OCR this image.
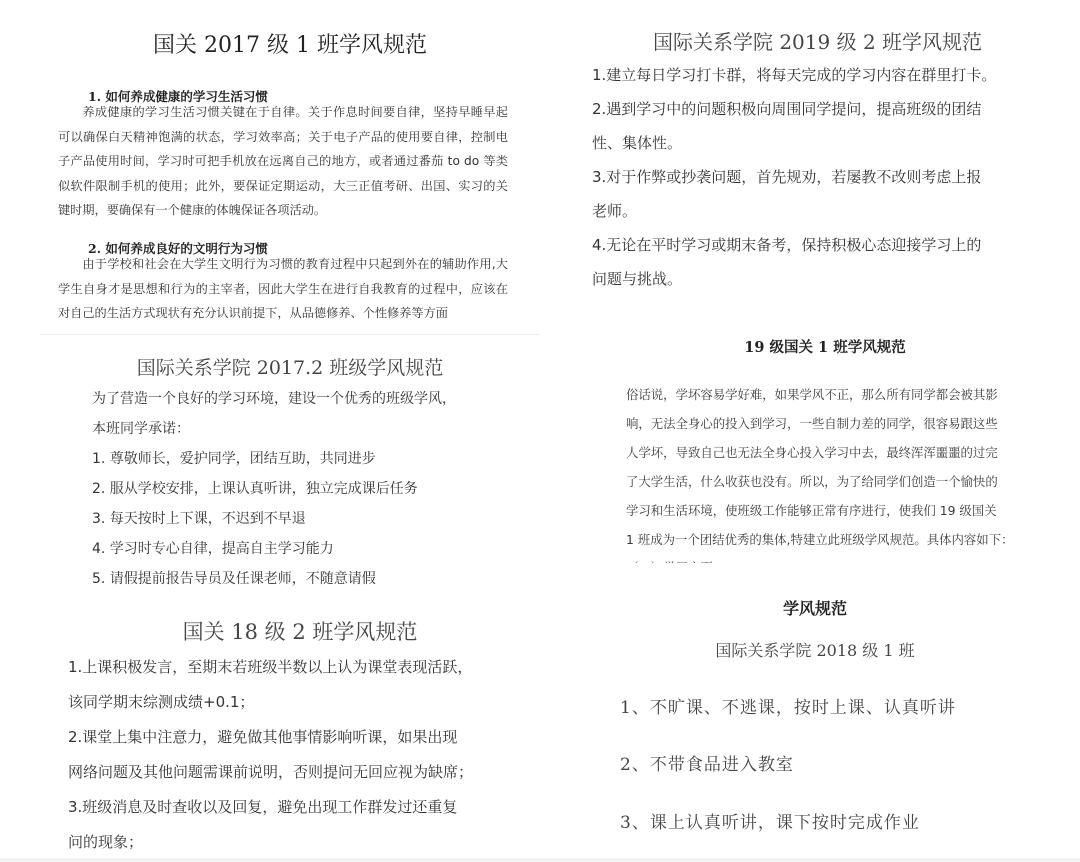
国关 2017 级 1 班学风规范
1. 如何养成健康的学习生活习惯
养成健康的学习生活习惯关键在于自律。关于作息时间要自律，坚持早睡早起可以确保白天精神饱满的状态，学习效率高；关于电子产品的使用要自律，控制电子产品使用时间，学习时可把手机放在远离自己的地方，或者通过番茄 to do 等类似软件限制手机的使用；此外，要保证定期运动，大三正值考研、出国、实习的关键时期，要确保有一个健康的体魄保证各项活动。
2. 如何养成良好的文明行为习惯
由于学校和社会在大学生文明行为习惯的教育过程中只起到外在的辅助作用,大学生自身才是思想和行为的主宰者，因此大学生在进行自我教育的过程中，应该在对自己的生活方式现状有充分认识前提下，从品德修养、个性修养等方面
国际关系学院 2017.2 班级学风规范
为了营造一个良好的学习环境，建设一个优秀的班级学风，
本班同学承诺：
1. 尊敬师长，爱护同学，团结互助，共同进步
2. 服从学校安排，上课认真听讲，独立完成课后任务
3. 每天按时上下课，不迟到不早退
4. 学习时专心自律，提高自主学习能力
5. 请假提前报告导员及任课老师，不随意请假
国关 18 级 2 班学风规范
1.上课积极发言，至期末若班级半数以上认为课堂表现活跃，
该同学期末综测成绩+0.1；
2.课堂上集中注意力，避免做其他事情影响听课，如果出现
网络问题及其他问题需课前说明，否则提问无回应视为缺席；
3.班级消息及时查收以及回复，避免出现工作群发过还重复
问的现象；
国际关系学院 2019 级 2 班学风规范
1.建立每日学习打卡群，将每天完成的学习内容在群里打卡。
2.遇到学习中的问题积极向周围同学提问，提高班级的团结
性、集体性。
3.对于作弊或抄袭问题，首先规劝，若屡教不改则考虑上报
老师。
4.无论在平时学习或期末备考，保持积极心态迎接学习上的
问题与挑战。
19 级国关 1 班学风规范
俗话说，学坏容易学好难，如果学风不正，那么所有同学都会被其影
响，无法全身心的投入到学习，一些自制力差的同学，很容易跟这些
人学坏，导致自己也无法全身心投入学习中去，最终浑浑噩噩的过完
了大学生活，什么收获也没有。所以，为了给同学们创造一个愉快的
学习和生活环境，使班级工作能够正常有序进行，使我们 19 级国关
1 班成为一个团结优秀的集体,特建立此班级学风规范。具体内容如下：
学风规范
国际关系学院 2018 级 1 班
1、不旷课、不逃课，按时上课、认真听讲
2、不带食品进入教室
3、课上认真听讲，课下按时完成作业
